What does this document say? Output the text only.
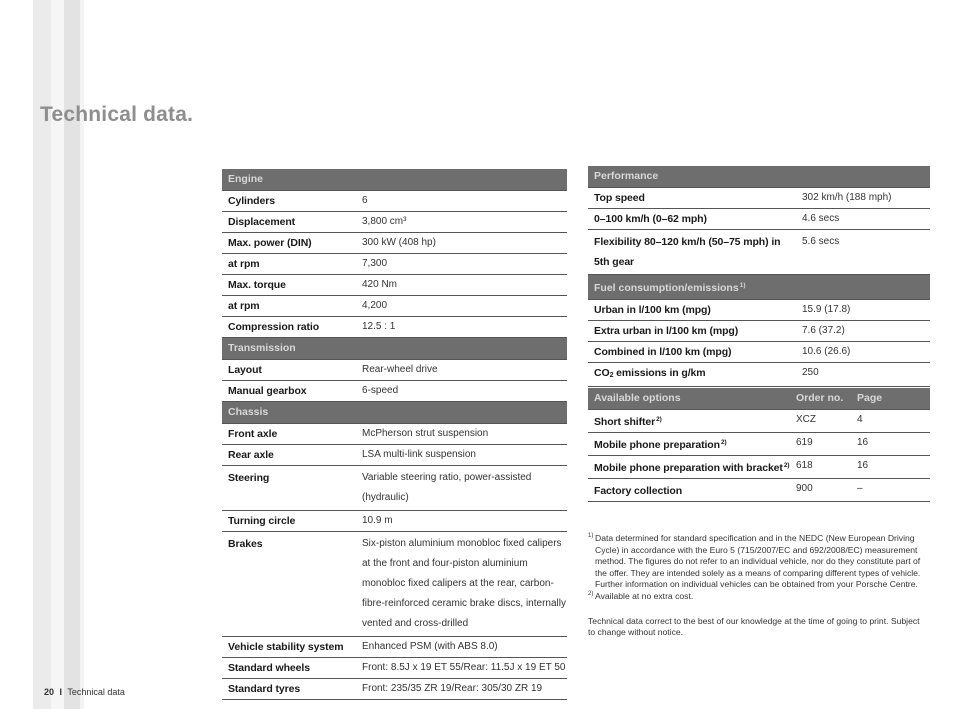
Technical data.
Engine	
Cylinders	6
Displacement	3,800 cm³
Max. power (DIN)	300 kW (408 hp)
at rpm	7,300
Max. torque	420 Nm
at rpm	4,200
Compression ratio	12.5 : 1
Transmission	
Layout	Rear-wheel drive
Manual gearbox	6-speed
Chassis	
Front axle	McPherson strut suspension
Rear axle	LSA multi-link suspension
Steering	Variable steering ratio, power-assisted (hydraulic)
Turning circle	10.9 m
Brakes	Six-piston aluminium monobloc fixed calipers at the front and four-piston aluminium monobloc fixed calipers at the rear, carbon-fibre-reinforced ceramic brake discs, internally vented and cross-drilled
Vehicle stability system	Enhanced PSM (with ABS 8.0)
Standard wheels	Front: 8.5J x 19 ET 55/Rear: 11.5J x 19 ET 50
Standard tyres	Front: 235/35 ZR 19/Rear: 305/30 ZR 19
Performance	
Top speed	302 km/h (188 mph)
0–100 km/h (0–62 mph)	4.6 secs
Flexibility 80–120 km/h (50–75 mph) in 5th gear	5.6 secs
Fuel consumption/emissions$^{1)}$
Urban in l/100 km (mpg)	15.9 (17.8)
Extra urban in l/100 km (mpg)	7.6 (37.2)
Combined in l/100 km (mpg)	10.6 (26.6)
$CO_2$ emissions in g/km	250
Available options	Order no.	Page
Short shifter$^{2)}$	XCZ	4
Mobile phone preparation$^{2)}$	619	16
Mobile phone preparation with bracket$^{2)}$	618	16
Factory collection	900	–
1) Data determined for standard specification and in the NEDC (New European Driving Cycle) in accordance with the Euro 5 (715/2007/EC and 692/2008/EC) measurement method. The figures do not refer to an individual vehicle, nor do they constitute part of the offer. They are intended solely as a means of comparing different types of vehicle. Further information on individual vehicles can be obtained from your Porsche Centre.
2) Available at no extra cost.
Technical data correct to the best of our knowledge at the time of going to print. Subject to change without notice.
20 I Technical data
